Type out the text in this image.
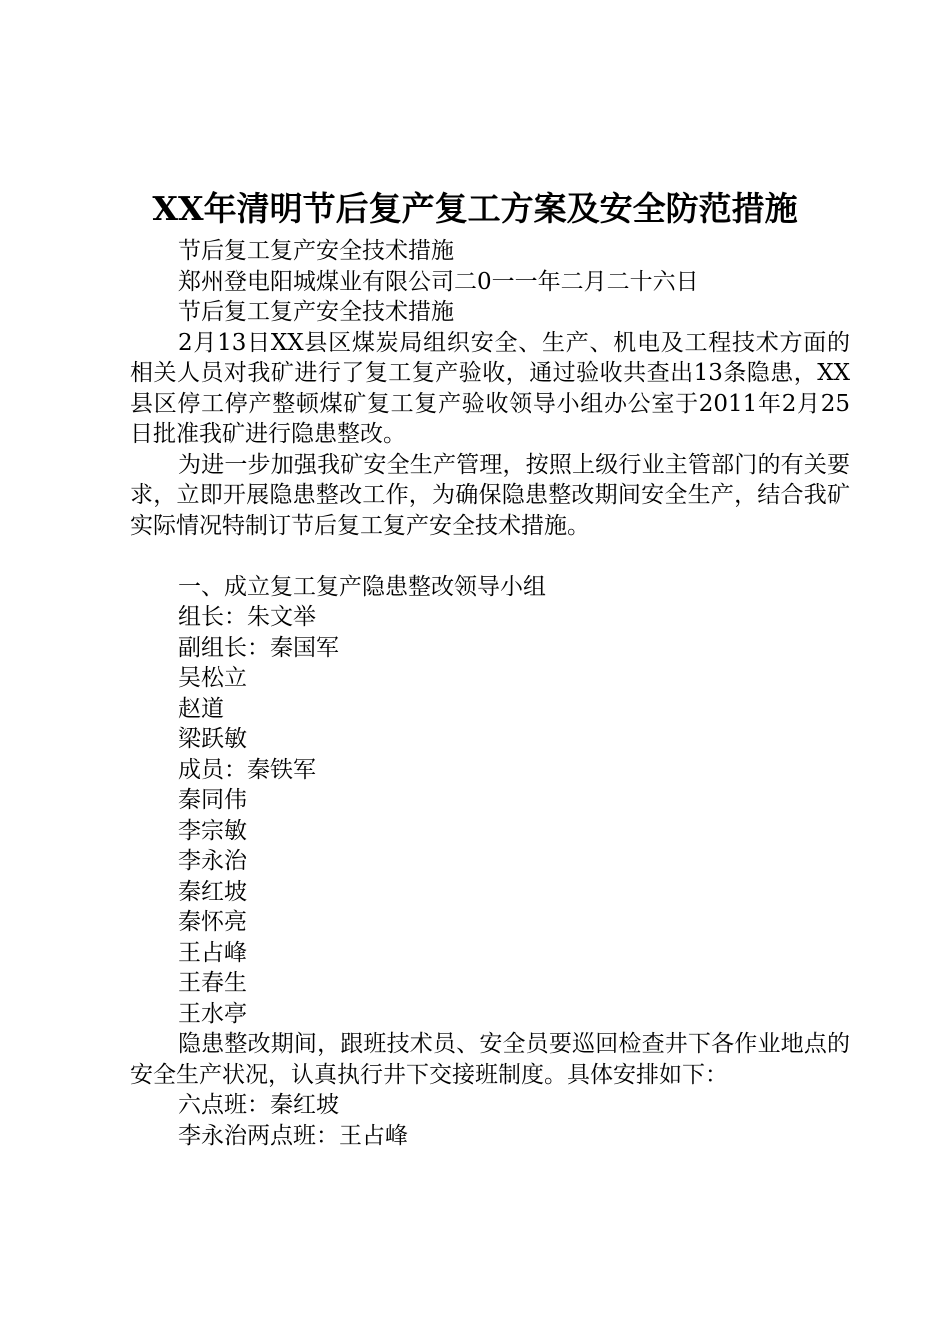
XX年清明节后复产复工方案及安全防范措施
节后复工复产安全技术措施
郑州登电阳城煤业有限公司二0一一年二月二十六日
节后复工复产安全技术措施

2月13日XX县区煤炭局组织安全、生产、机电及工程技术方面的相关人员对我矿进行了复工复产验收，通过验收共查出13条隐患，XX县区停工停产整顿煤矿复工复产验收领导小组办公室于2011年2月25日批准我矿进行隐患整改。

为进一步加强我矿安全生产管理，按照上级行业主管部门的有关要求，立即开展隐患整改工作，为确保隐患整改期间安全生产，结合我矿实际情况特制订节后复工复产安全技术措施。

一、成立复工复产隐患整改领导小组
组长：朱文举
副组长：秦国军
吴松立
赵道
梁跃敏
成员：秦铁军
秦同伟
李宗敏
李永治
秦红坡
秦怀亮
王占峰
王春生
王水亭

隐患整改期间，跟班技术员、安全员要巡回检查井下各作业地点的安全生产状况，认真执行井下交接班制度。具体安排如下：

六点班：秦红坡
李永治两点班：王占峰
